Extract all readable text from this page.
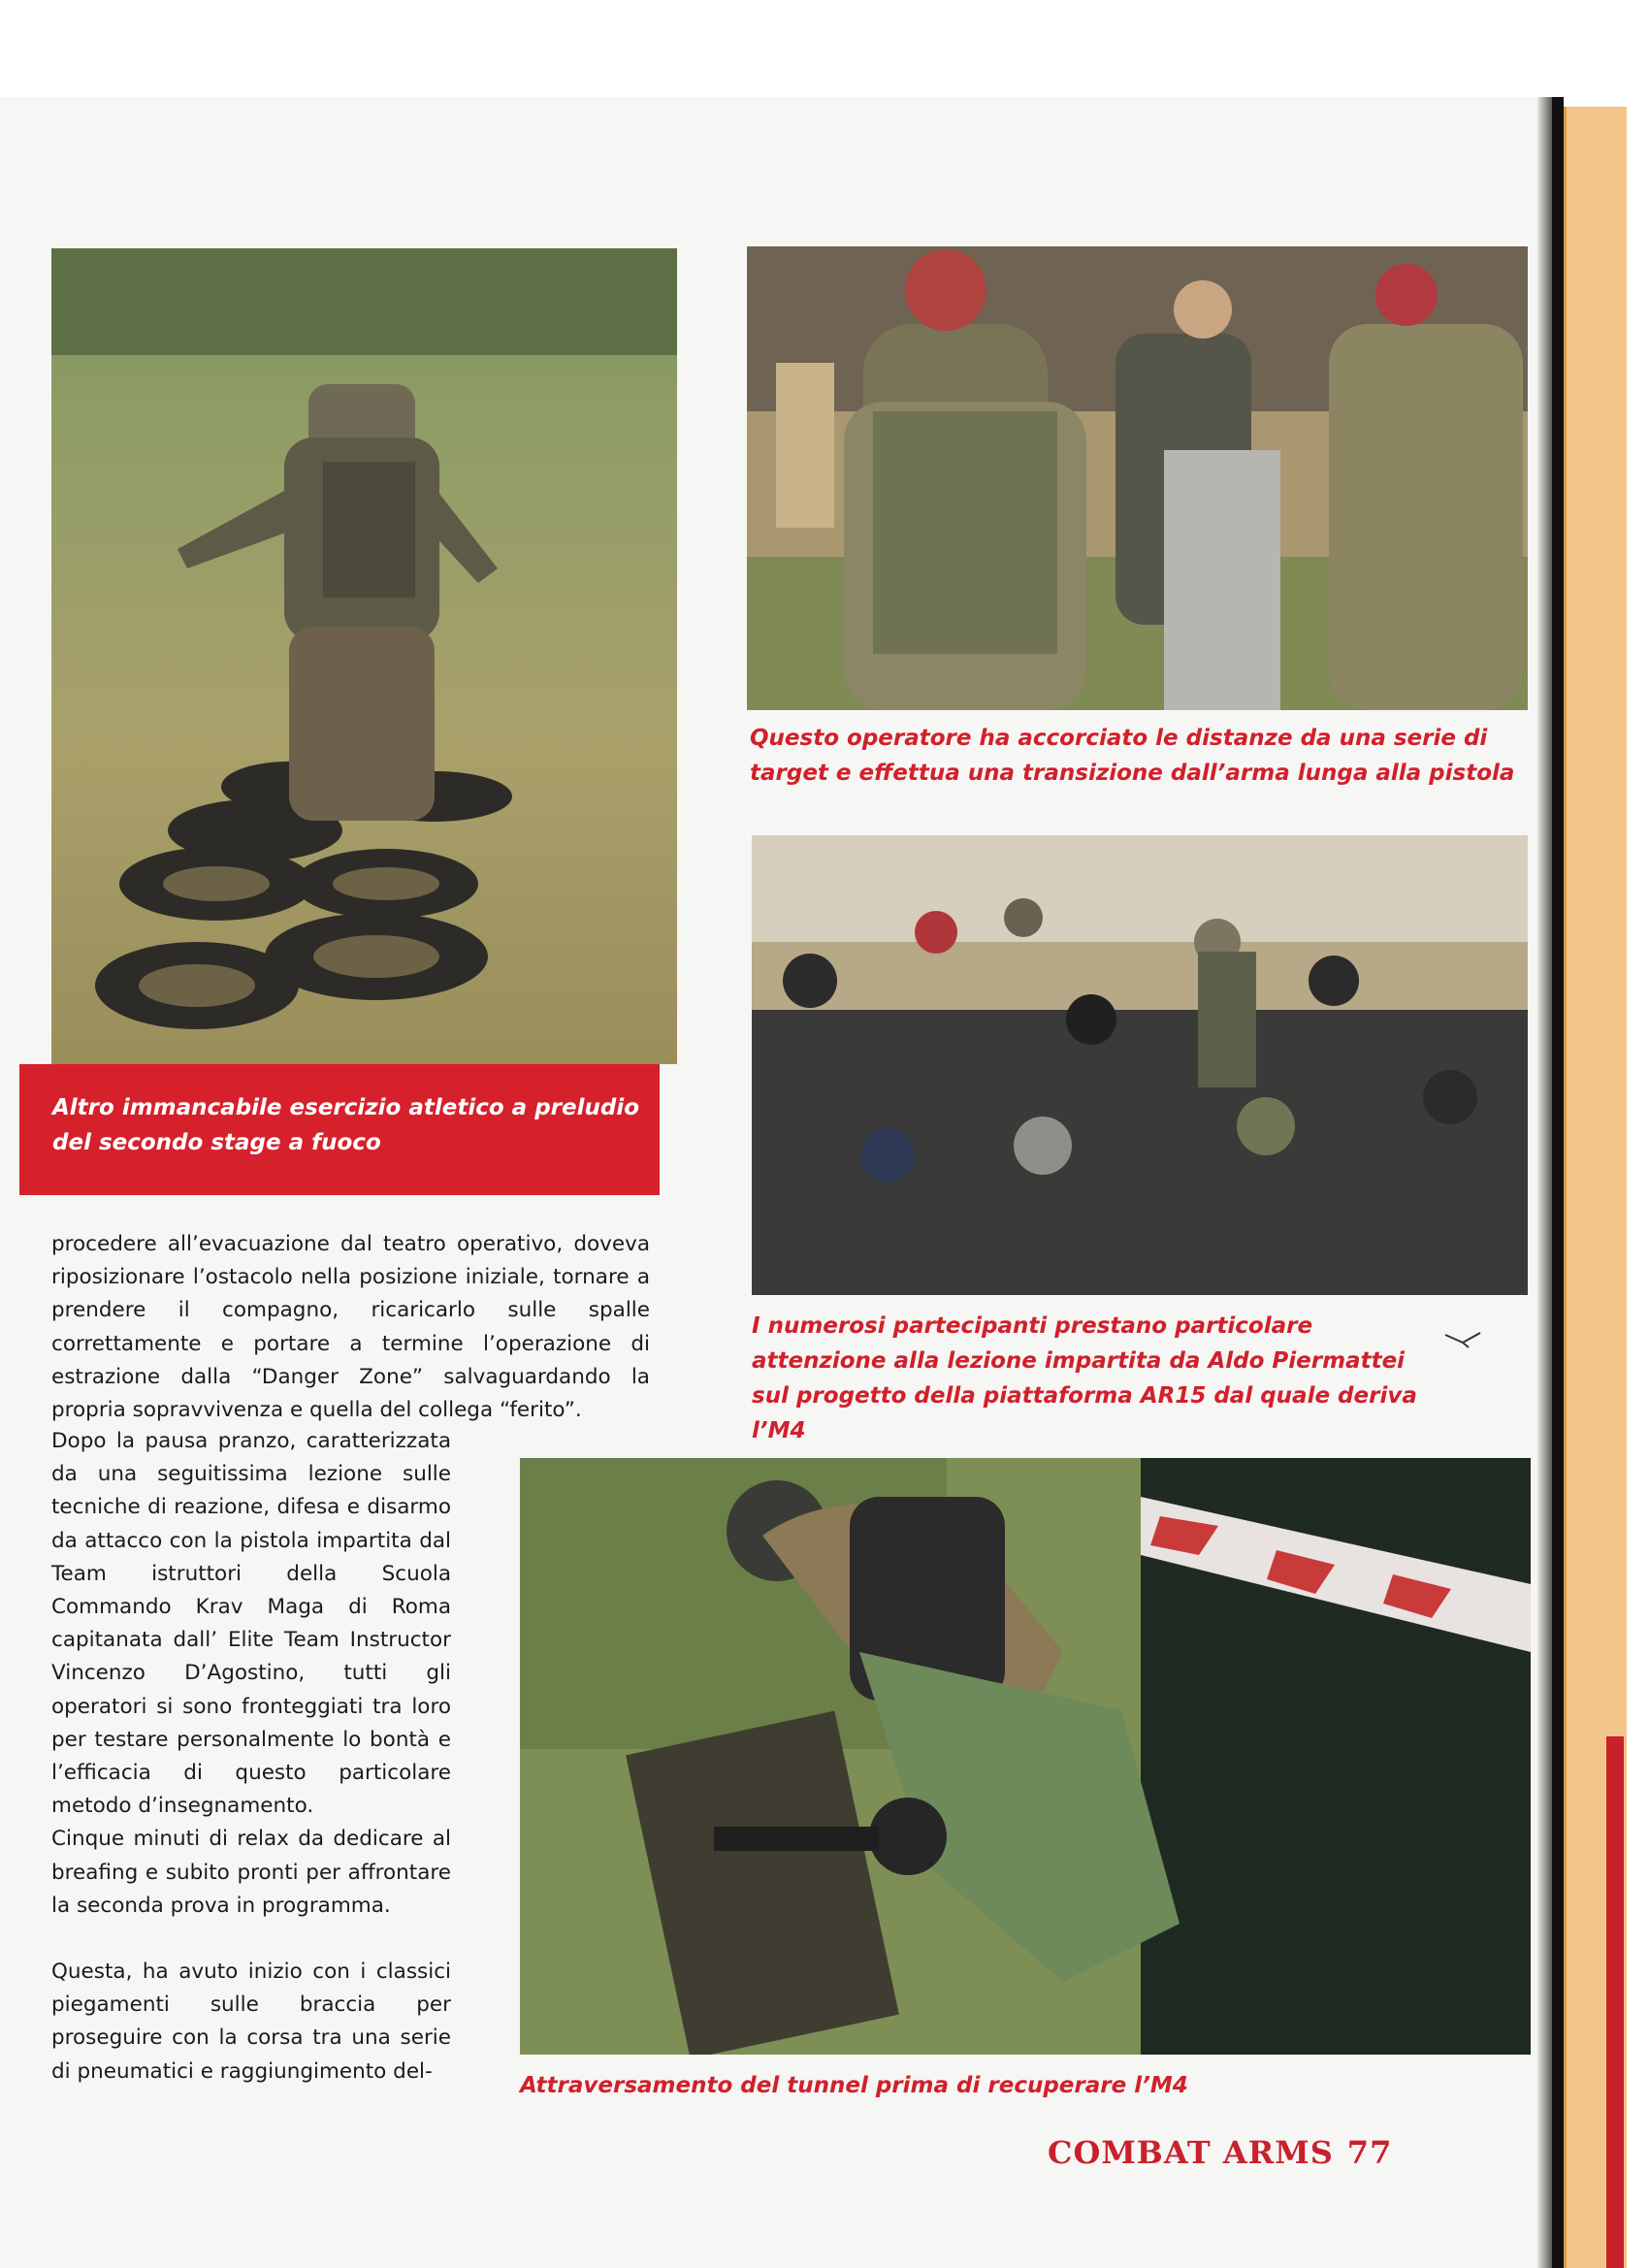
Altro immancabile esercizio atletico a preludio del secondo stage a fuoco

Questo operatore ha accorciato le distanze da una serie di target e effettua una transizione dall’arma lunga alla pistola

I numerosi partecipanti prestano particolare attenzione alla lezione impartita da Aldo Piermattei sul progetto della piattaforma AR15 dal quale deriva l’M4

Attraversamento del tunnel prima di recuperare l’M4

procedere all’evacuazione dal teatro operativo, doveva riposizionare l’ostacolo nella posizione iniziale, tornare a prendere il compagno, ricaricarlo sulle spalle correttamente e portare a termine l’operazione di estrazione dalla “Danger Zone” salvaguardando la propria sopravvivenza e quella del collega “ferito”.

Dopo la pausa pranzo, caratterizzata da una seguitissima lezione sulle tecniche di reazione, difesa e disarmo da attacco con la pistola impartita dal Team istruttori della Scuola Commando Krav Maga di Roma capitanata dall’ Elite Team Instructor Vincenzo D’Agostino, tutti gli operatori si sono fronteggiati tra loro per testare personalmente lo bontà e l’efficacia di questo particolare metodo d’insegnamento.

Cinque minuti di relax da dedicare al breafing e subito pronti per affrontare la seconda prova in programma.

Questa, ha avuto inizio con i classici piegamenti sulle braccia per proseguire con la corsa tra una serie di pneumatici e raggiungimento del-

COMBAT ARMS 77
